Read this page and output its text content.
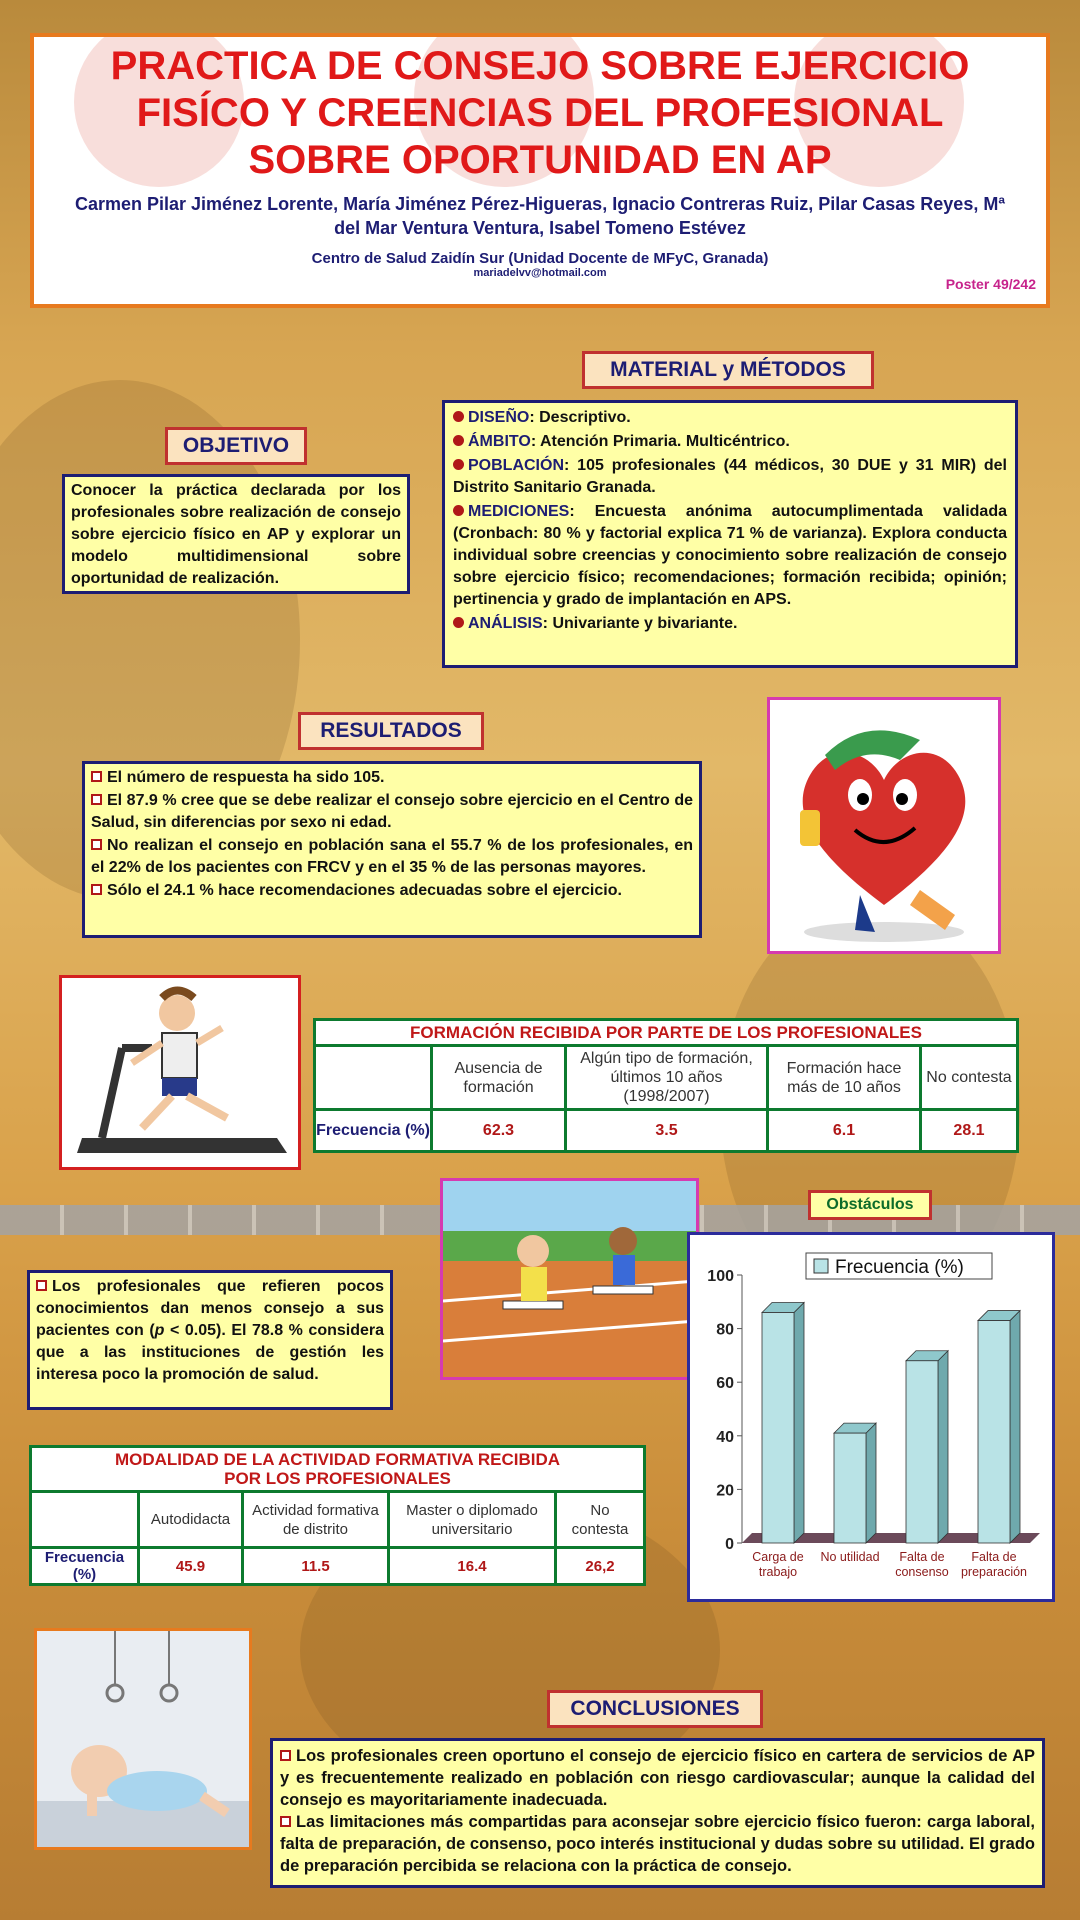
PRACTICA DE CONSEJO SOBRE EJERCICIO
FISÍCO Y CREENCIAS DEL PROFESIONAL
SOBRE OPORTUNIDAD EN AP
Carmen Pilar Jiménez Lorente, María Jiménez Pérez-Higueras, Ignacio Contreras Ruiz, Pilar Casas Reyes, Mª del Mar Ventura Ventura, Isabel Tomeno Estévez
Centro de Salud Zaidín Sur (Unidad Docente de MFyC, Granada)
mariadelvv@hotmail.com
Poster 49/242
MATERIAL y MÉTODOS
DISEÑO: Descriptivo.
ÁMBITO: Atención Primaria. Multicéntrico.
POBLACIÓN: 105 profesionales (44 médicos, 30 DUE y 31 MIR) del Distrito Sanitario Granada.
MEDICIONES: Encuesta anónima autocumplimentada validada (Cronbach: 80 % y factorial explica 71 % de varianza). Explora conducta individual sobre creencias y conocimiento sobre realización de consejo sobre ejercicio físico; recomendaciones; formación recibida; opinión; pertinencia y grado de implantación en APS.
ANÁLISIS: Univariante y bivariante.
OBJETIVO
Conocer la práctica declarada por los profesionales sobre realización de consejo sobre ejercicio físico en AP y explorar un modelo multidimensional sobre oportunidad de realización.
RESULTADOS
El número de respuesta ha sido 105.
El 87.9 % cree que se debe realizar el consejo sobre ejercicio en el Centro de Salud, sin diferencias por sexo ni edad.
No realizan el consejo en población sana el 55.7 % de los profesionales, en el 22% de los pacientes con FRCV y en el 35 % de las personas mayores.
Sólo el 24.1 % hace recomendaciones adecuadas sobre el ejercicio.
FORMACIÓN RECIBIDA POR PARTE DE LOS PROFESIONALES				
	Ausencia de formación	Algún tipo de formación, últimos 10 años (1998/2007)	Formación hace más de 10 años	No contesta
Frecuencia (%)	62.3	3.5	6.1	28.1
Obstáculos
Los profesionales que refieren pocos conocimientos dan menos consejo a sus pacientes con (p < 0.05). El 78.8 % considera que a las instituciones de gestión les interesa poco la promoción de salud.
0
20
40
60
80
100	Frecuencia (%)
Carga de
trabajo
No utilidad Falta de
consenso
Falta de
preparación
MODALIDAD DE LA ACTIVIDAD FORMATIVA RECIBIDA
POR LOS PROFESIONALES				

	Autodidacta	Actividad formativa de distrito	Master o diplomado universitario	No contesta
Frecuencia (%)	45.9	11.5	16.4	26,2
CONCLUSIONES
Los profesionales creen oportuno el consejo de ejercicio físico en cartera de servicios de AP y es frecuentemente realizado en población con riesgo cardiovascular; aunque la calidad del consejo es mayoritariamente inadecuada.
Las limitaciones más compartidas para aconsejar sobre ejercicio físico fueron: carga laboral, falta de preparación, de consenso, poco interés institucional y dudas sobre su utilidad. El grado de preparación percibida se relaciona con la práctica de consejo.
